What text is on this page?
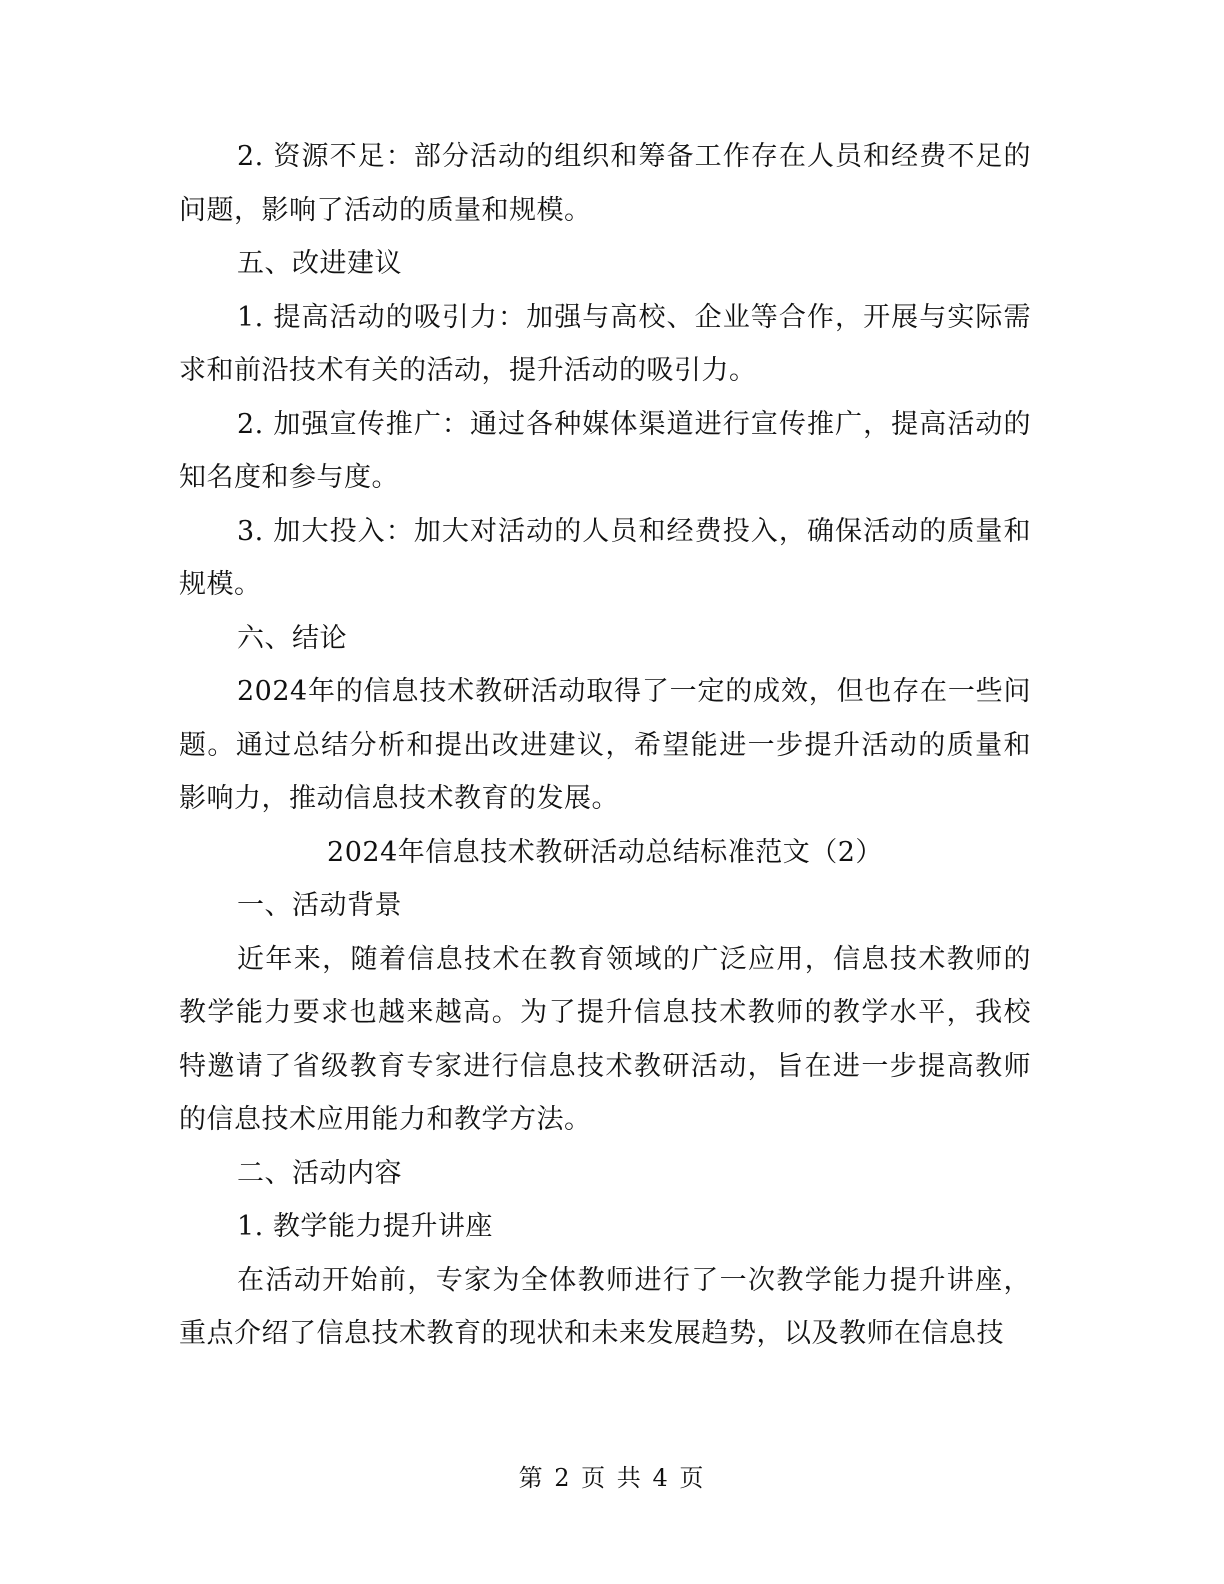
2. 资源不足：部分活动的组织和筹备工作存在人员和经费不足的问题，影响了活动的质量和规模。

五、改进建议

1. 提高活动的吸引力：加强与高校、企业等合作，开展与实际需求和前沿技术有关的活动，提升活动的吸引力。

2. 加强宣传推广：通过各种媒体渠道进行宣传推广，提高活动的知名度和参与度。

3. 加大投入：加大对活动的人员和经费投入，确保活动的质量和规模。

六、结论

2024年的信息技术教研活动取得了一定的成效，但也存在一些问题。通过总结分析和提出改进建议，希望能进一步提升活动的质量和影响力，推动信息技术教育的发展。

2024年信息技术教研活动总结标准范文（2）

一、活动背景

近年来，随着信息技术在教育领域的广泛应用，信息技术教师的教学能力要求也越来越高。为了提升信息技术教师的教学水平，我校特邀请了省级教育专家进行信息技术教研活动，旨在进一步提高教师的信息技术应用能力和教学方法。

二、活动内容

1. 教学能力提升讲座

在活动开始前，专家为全体教师进行了一次教学能力提升讲座，重点介绍了信息技术教育的现状和未来发展趋势，以及教师在信息技

第 2 页 共 4 页
